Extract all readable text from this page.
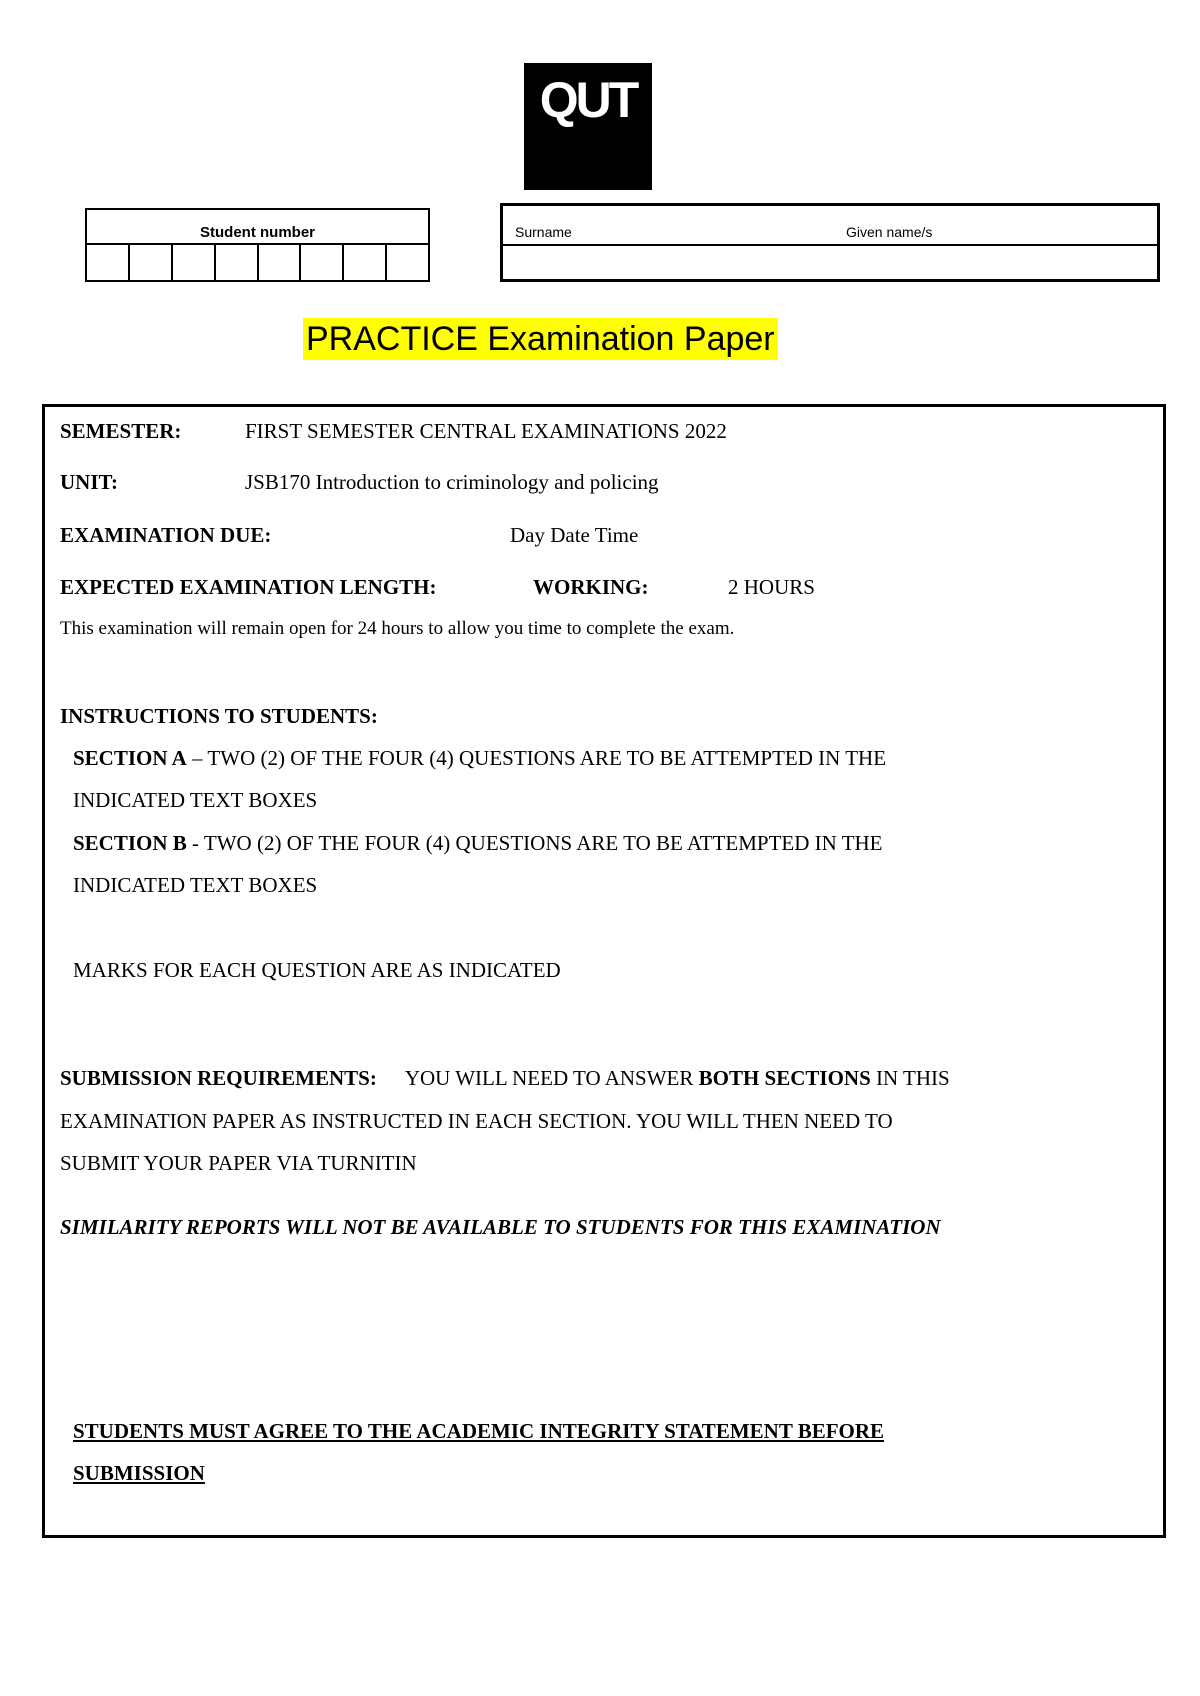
QUT
Student number	Surname	Given name/s
PRACTICE Examination Paper
SEMESTER:	FIRST SEMESTER CENTRAL EXAMINATIONS 2022
UNIT:	JSB170 Introduction to criminology and policing
EXAMINATION DUE:	Day Date Time
EXPECTED EXAMINATION LENGTH:	WORKING:	2 HOURS
This examination will remain open for 24 hours to allow you time to complete the exam.
INSTRUCTIONS TO STUDENTS:
SECTION A – TWO (2) OF THE FOUR (4) QUESTIONS ARE TO BE ATTEMPTED IN THE
INDICATED TEXT BOXES
SECTION B - TWO (2) OF THE FOUR (4) QUESTIONS ARE TO BE ATTEMPTED IN THE
INDICATED TEXT BOXES
MARKS FOR EACH QUESTION ARE AS INDICATED
SUBMISSION REQUIREMENTS: YOU WILL NEED TO ANSWER BOTH SECTIONS IN THIS
EXAMINATION PAPER AS INSTRUCTED IN EACH SECTION. YOU WILL THEN NEED TO
SUBMIT YOUR PAPER VIA TURNITIN
SIMILARITY REPORTS WILL NOT BE AVAILABLE TO STUDENTS FOR THIS EXAMINATION
STUDENTS MUST AGREE TO THE ACADEMIC INTEGRITY STATEMENT BEFORE
SUBMISSION
